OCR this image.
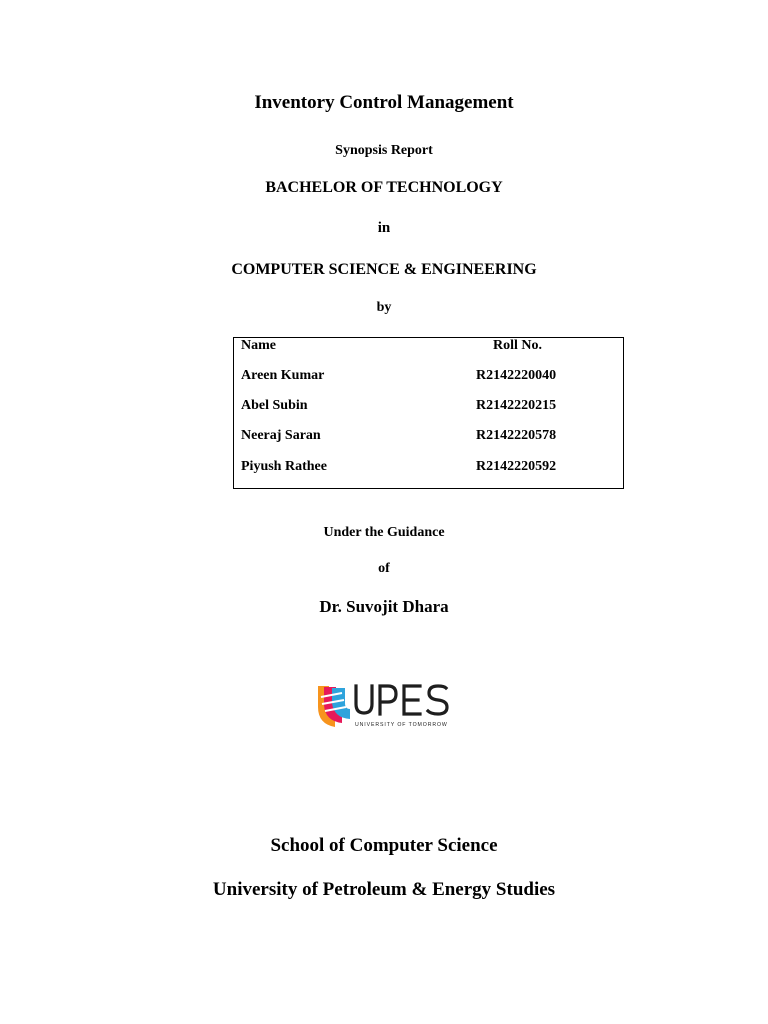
Inventory Control Management
Synopsis Report
BACHELOR OF TECHNOLOGY
in
COMPUTER SCIENCE & ENGINEERING
by
Name	Roll No.
Areen Kumar	R2142220040
Abel Subin	R2142220215
Neeraj Saran	R2142220578
Piyush Rathee	R2142220592
Under the Guidance
of
Dr. Suvojit Dhara
UNIVERSITY OF TOMORROW
School of Computer Science
University of Petroleum & Energy Studies
